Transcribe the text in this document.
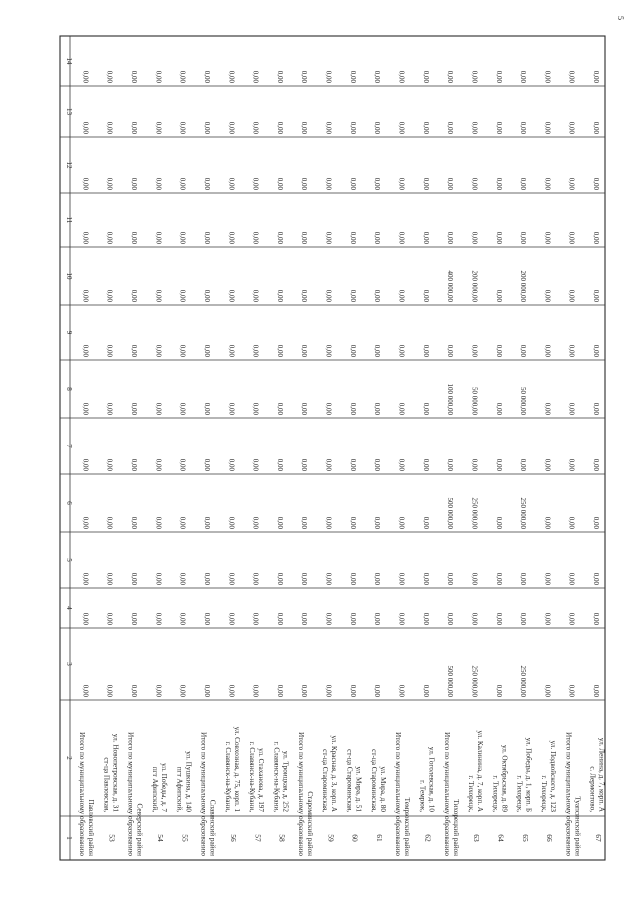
5
1
2
3
4
5
6
7
8
9
10
11
12
13
14
Итого по муниципальному образованию Павловский район
0,00
0,00
0,00
0,00
0,00
0,00
0,00
0,00
0,00
0,00
0,00
0,00
53
ст-ца Павловская, ул. Новопетровская, д. 31
0,00
0,00
0,00
0,00
0,00
0,00
0,00
0,00
0,00
0,00
0,00
0,00
Итого по муниципальному образованию Северский район
0,00
0,00
0,00
0,00
0,00
0,00
0,00
0,00
0,00
0,00
0,00
0,00
54
пгт Афипский, ул. Победы, д. 7
0,00
0,00
0,00
0,00
0,00
0,00
0,00
0,00
0,00
0,00
0,00
0,00
55
пгт Афипский, ул. Пушкина, д. 140
0,00
0,00
0,00
0,00
0,00
0,00
0,00
0,00
0,00
0,00
0,00
0,00
Итого по муниципальному образованию Славянский район
0,00
0,00
0,00
0,00
0,00
0,00
0,00
0,00
0,00
0,00
0,00
0,00
56
г. Славянск-на-Кубани, ул. Совхозная, д. 75, корп. 1
0,00
0,00
0,00
0,00
0,00
0,00
0,00
0,00
0,00
0,00
0,00
0,00
57
г. Славянск-на-Кубани, ул. Стаханова, д. 197
0,00
0,00
0,00
0,00
0,00
0,00
0,00
0,00
0,00
0,00
0,00
0,00
58
г. Славянск-на-Кубани, ул. Троицкая, д. 252
0,00
0,00
0,00
0,00
0,00
0,00
0,00
0,00
0,00
0,00
0,00
0,00
Итого по муниципальному образованию Староминский район
0,00
0,00
0,00
0,00
0,00
0,00
0,00
0,00
0,00
0,00
0,00
0,00
59
ст-ца Староминская, ул. Красная, д. 3, корп. А
0,00
0,00
0,00
0,00
0,00
0,00
0,00
0,00
0,00
0,00
0,00
0,00
60
ст-ца Староминская, ул. Мира, д. 51
0,00
0,00
0,00
0,00
0,00
0,00
0,00
0,00
0,00
0,00
0,00
0,00
61
ст-ца Староминская, ул. Мира, д. 80
0,00
0,00
0,00
0,00
0,00
0,00
0,00
0,00
0,00
0,00
0,00
0,00
Итого по муниципальному образованию Темрюкский район
0,00
0,00
0,00
0,00
0,00
0,00
0,00
0,00
0,00
0,00
0,00
0,00
62
г. Темрюк, ул. Гоголевская, д. 10
0,00
0,00
0,00
0,00
0,00
0,00
0,00
0,00
0,00
0,00
0,00
0,00
Итого по муниципальному образованию Тихорецкий район
0,00
0,00
0,00
0,00
400 000,00
0,00
100 000,00
0,00
500 000,00
0,00
0,00
500 000,00
63
г. Тихорецк, ул. Калинина, д. 7, корп. А
0,00
0,00
0,00
0,00
200 000,00
0,00
50 000,00
0,00
250 000,00
0,00
0,00
250 000,00
64
г. Тихорецк, ул. Октябрьская, д. 89
0,00
0,00
0,00
0,00
0,00
0,00
0,00
0,00
0,00
0,00
0,00
0,00
65
г. Тихорецк, ул. Победы, д. 1, корп. Б
0,00
0,00
0,00
0,00
200 000,00
0,00
50 000,00
0,00
250 000,00
0,00
0,00
250 000,00
66
г. Тихорецк, ул. Подвойского, д. 123
0,00
0,00
0,00
0,00
0,00
0,00
0,00
0,00
0,00
0,00
0,00
0,00
Итого по муниципальному образованию Туапсинский район
0,00
0,00
0,00
0,00
0,00
0,00
0,00
0,00
0,00
0,00
0,00
0,00
67
с. Лермонтово, ул. Ленина, д. 7, корп. А
0,00
0,00
0,00
0,00
0,00
0,00
0,00
0,00
0,00
0,00
0,00
0,00
